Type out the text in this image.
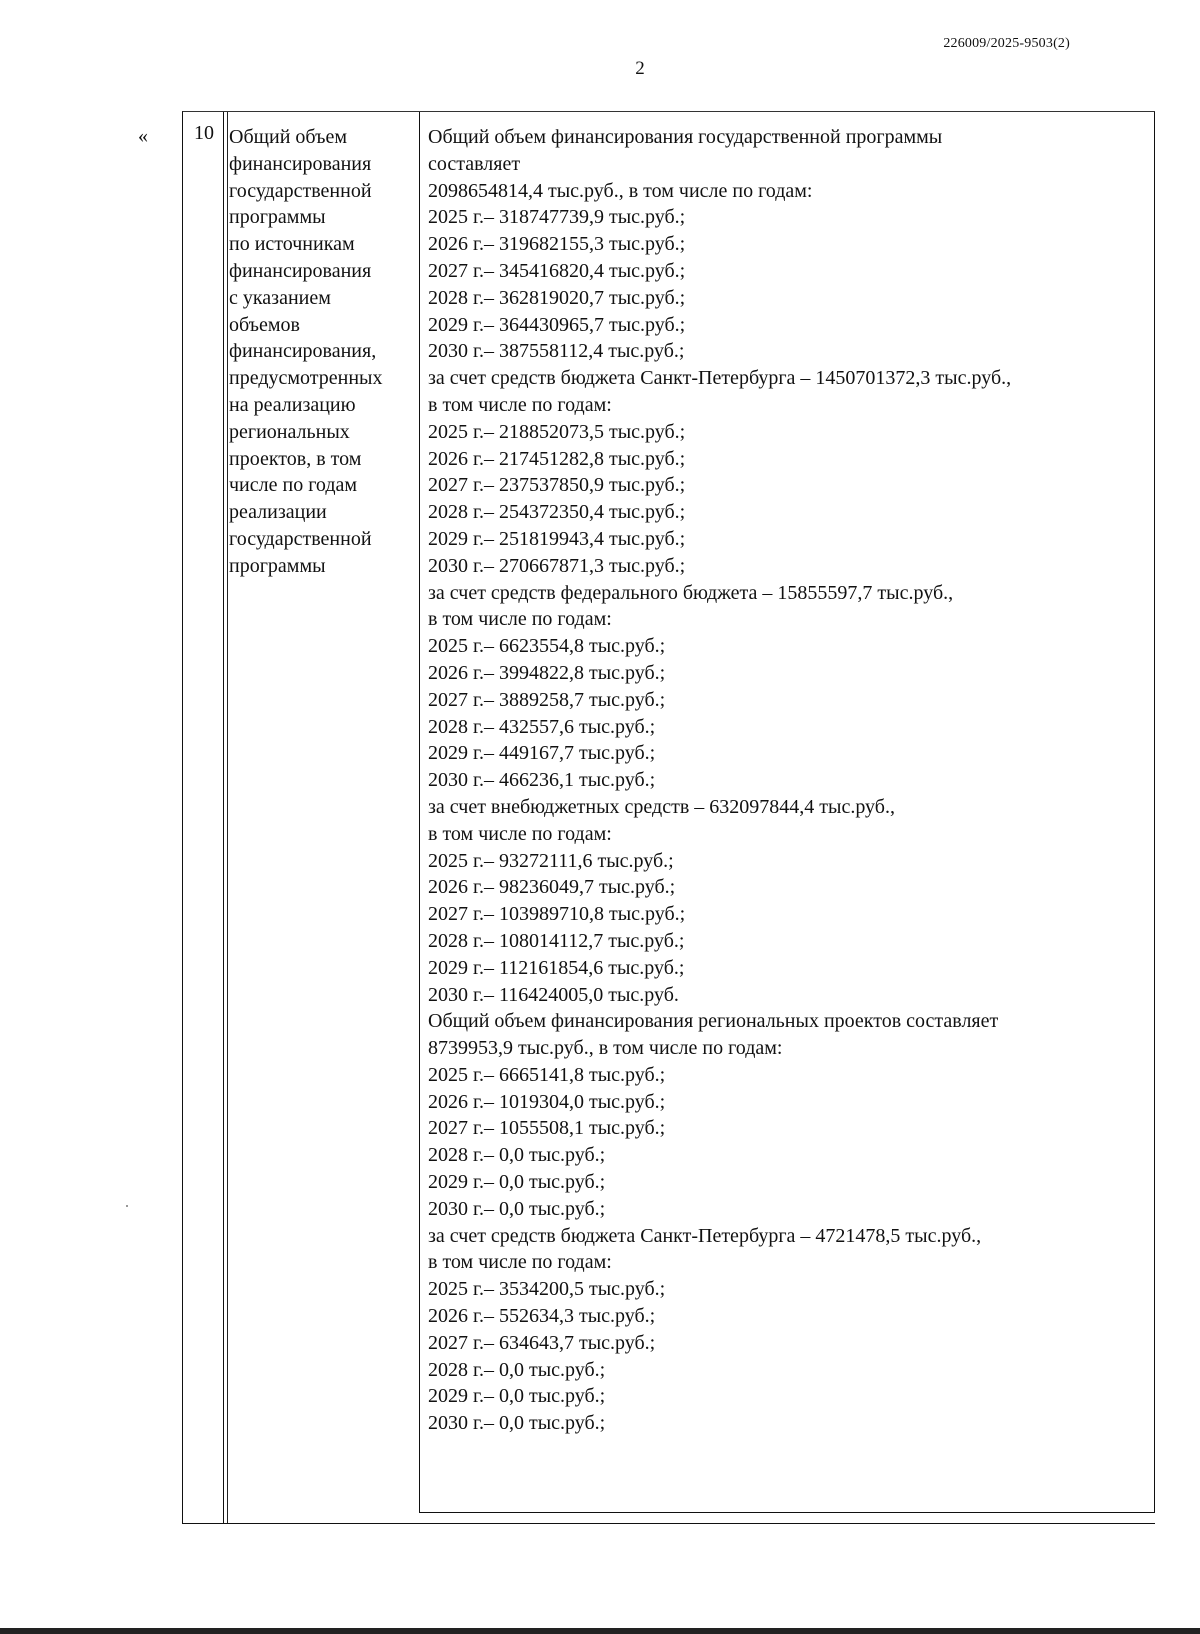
226009/2025-9503(2)
2
«	10 Общий объем
финансирования
государственной
программы
по источникам
финансирования
с указанием
объемов
финансирования,
предусмотренных
на реализацию
региональных
проектов, в том
числе по годам
реализации
государственной
программы
Общий объем финансирования государственной программы
составляет
2098654814,4 тыс.руб., в том числе по годам:
2025 г.– 318747739,9 тыс.руб.;
2026 г.– 319682155,3 тыс.руб.;
2027 г.– 345416820,4 тыс.руб.;
2028 г.– 362819020,7 тыс.руб.;
2029 г.– 364430965,7 тыс.руб.;
2030 г.– 387558112,4 тыс.руб.;
за счет средств бюджета Санкт-Петербурга – 1450701372,3 тыс.руб.,
в том числе по годам:
2025 г.– 218852073,5 тыс.руб.;
2026 г.– 217451282,8 тыс.руб.;
2027 г.– 237537850,9 тыс.руб.;
2028 г.– 254372350,4 тыс.руб.;
2029 г.– 251819943,4 тыс.руб.;
2030 г.– 270667871,3 тыс.руб.;
за счет средств федерального бюджета – 15855597,7 тыс.руб.,
в том числе по годам:
2025 г.– 6623554,8 тыс.руб.;
2026 г.– 3994822,8 тыс.руб.;
2027 г.– 3889258,7 тыс.руб.;
2028 г.– 432557,6 тыс.руб.;
2029 г.– 449167,7 тыс.руб.;
2030 г.– 466236,1 тыс.руб.;
за счет внебюджетных средств – 632097844,4 тыс.руб.,
в том числе по годам:
2025 г.– 93272111,6 тыс.руб.;
2026 г.– 98236049,7 тыс.руб.;
2027 г.– 103989710,8 тыс.руб.;
2028 г.– 108014112,7 тыс.руб.;
2029 г.– 112161854,6 тыс.руб.;
2030 г.– 116424005,0 тыс.руб.
Общий объем финансирования региональных проектов составляет
8739953,9 тыс.руб., в том числе по годам:
2025 г.– 6665141,8 тыс.руб.;
2026 г.– 1019304,0 тыс.руб.;
2027 г.– 1055508,1 тыс.руб.;
2028 г.– 0,0 тыс.руб.;
2029 г.– 0,0 тыс.руб.;
2030 г.– 0,0 тыс.руб.;
за счет средств бюджета Санкт-Петербурга – 4721478,5 тыс.руб.,
в том числе по годам:
2025 г.– 3534200,5 тыс.руб.;
2026 г.– 552634,3 тыс.руб.;
2027 г.– 634643,7 тыс.руб.;
2028 г.– 0,0 тыс.руб.;
2029 г.– 0,0 тыс.руб.;
2030 г.– 0,0 тыс.руб.;
